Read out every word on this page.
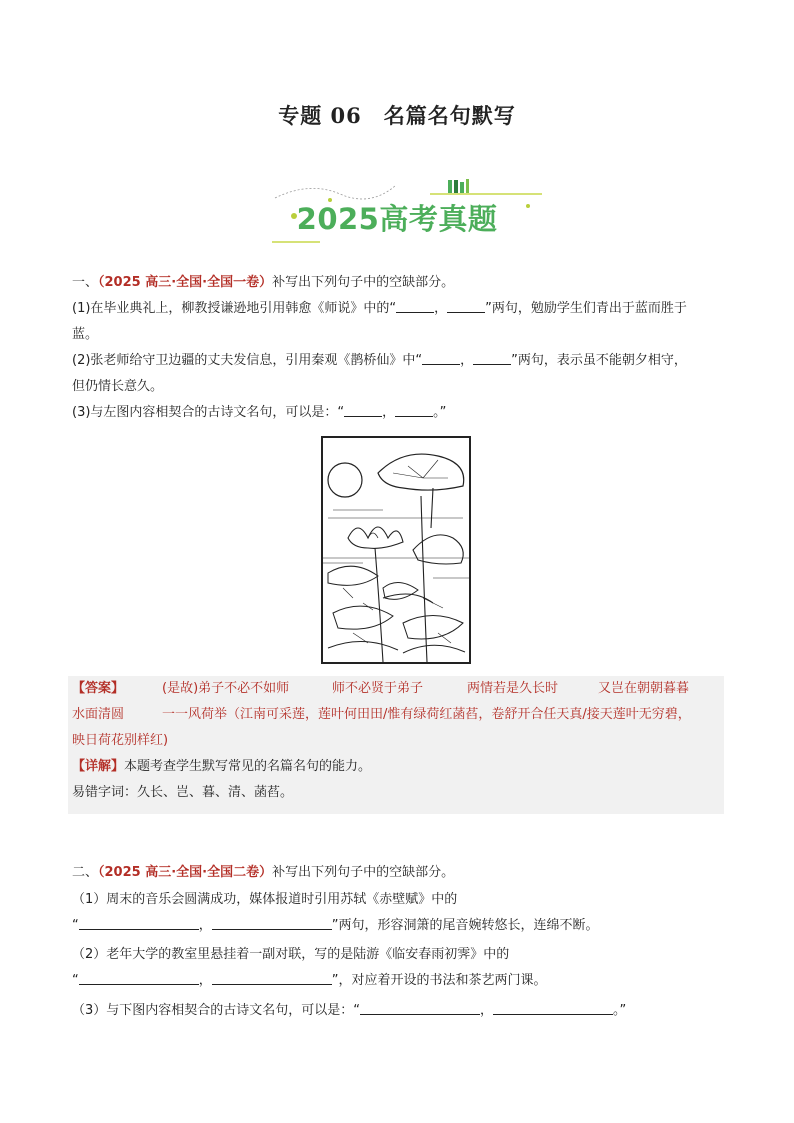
专题 06　名篇名句默写
2025高考真题
一、（2025 高三·全国·全国一卷）补写出下列句子中的空缺部分。
(1)在毕业典礼上，柳教授谦逊地引用韩愈《师说》中的“	，	”两句，勉励学生们青出于蓝而胜于
蓝。
(2)张老师给守卫边疆的丈夫发信息，引用秦观《鹊桥仙》中“	，	”两句，表示虽不能朝夕相守，
但仍情长意久。
(3)与左图内容相契合的古诗文名句，可以是：“	，	。”
【答案】	(是故)弟子不必不如师	师不必贤于弟子	两情若是久长时	又岂在朝朝暮暮
水面清圆	一一风荷举（江南可采莲，莲叶何田田/惟有绿荷红菡萏，卷舒开合任天真/接天莲叶无穷碧，
映日荷花别样红)
【详解】本题考查学生默写常见的名篇名句的能力。
易错字词：久长、岂、暮、清、菡萏。
二、（2025 高三·全国·全国二卷）补写出下列句子中的空缺部分。
（1）周末的音乐会圆满成功，媒体报道时引用苏轼《赤壁赋》中的
“	，	”两句，形容洞箫的尾音婉转悠长，连绵不断。
（2）老年大学的教室里悬挂着一副对联，写的是陆游《临安春雨初霁》中的
“	，	”，对应着开设的书法和茶艺两门课。
（3）与下图内容相契合的古诗文名句，可以是：“	，	。”
